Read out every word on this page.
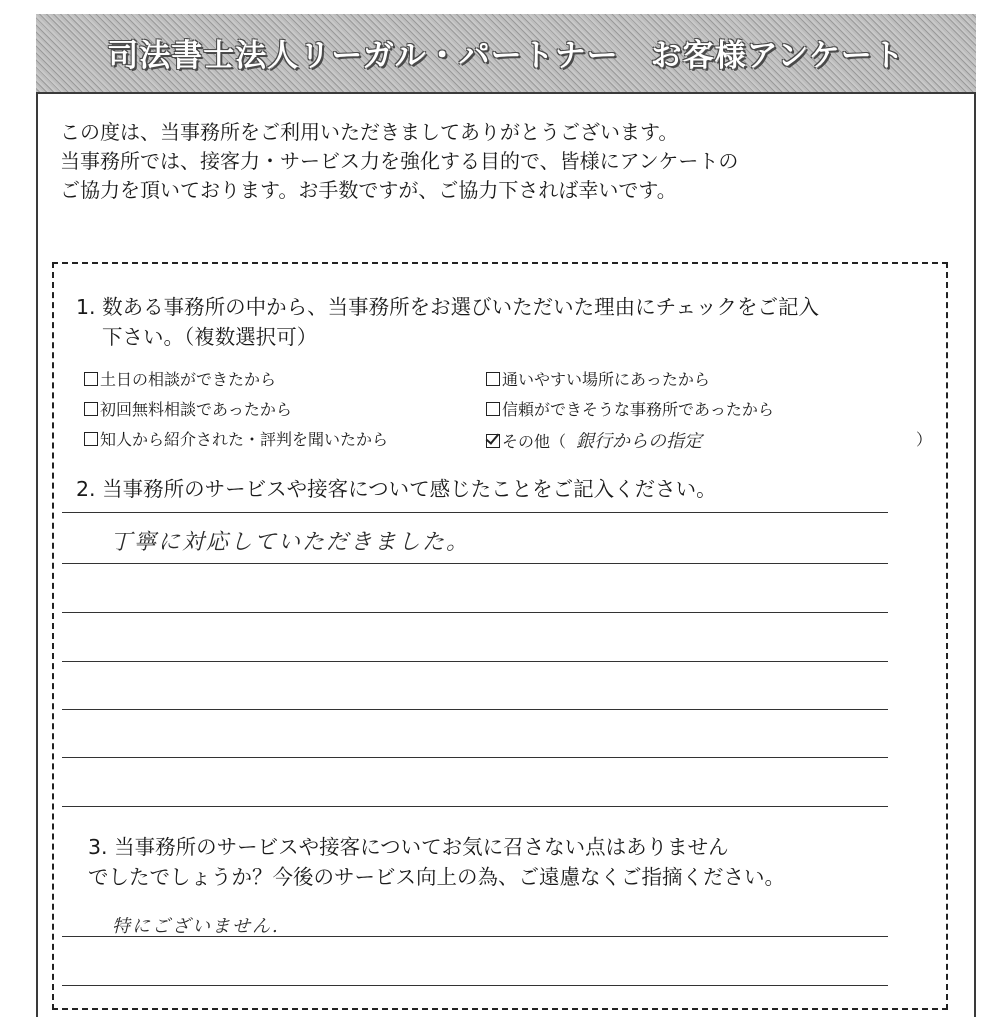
司法書士法人リーガル・パートナー　お客様アンケート

この度は、当事務所をご利用いただきましてありがとうございます。

当事務所では、接客力・サービス力を強化する目的で、皆様にアンケートの

ご協力を頂いております。お手数ですが、ご協力下されば幸いです。

1. 数ある事務所の中から、当事務所をお選びいただいた理由にチェックをご記入
下さい。（複数選択可）
土日の相談ができたから	通いやすい場所にあったから
初回無料相談であったから	信頼ができそうな事務所であったから
知人から紹介された・評判を聞いたから	その他（ 銀行からの指定	）
2. 当事務所のサービスや接客について感じたことをご記入ください。
丁寧に対応していただきました。
3. 当事務所のサービスや接客についてお気に召さない点はありません
でしたでしょうか？今後のサービス向上の為、ご遠慮なくご指摘ください。
特にございません.
